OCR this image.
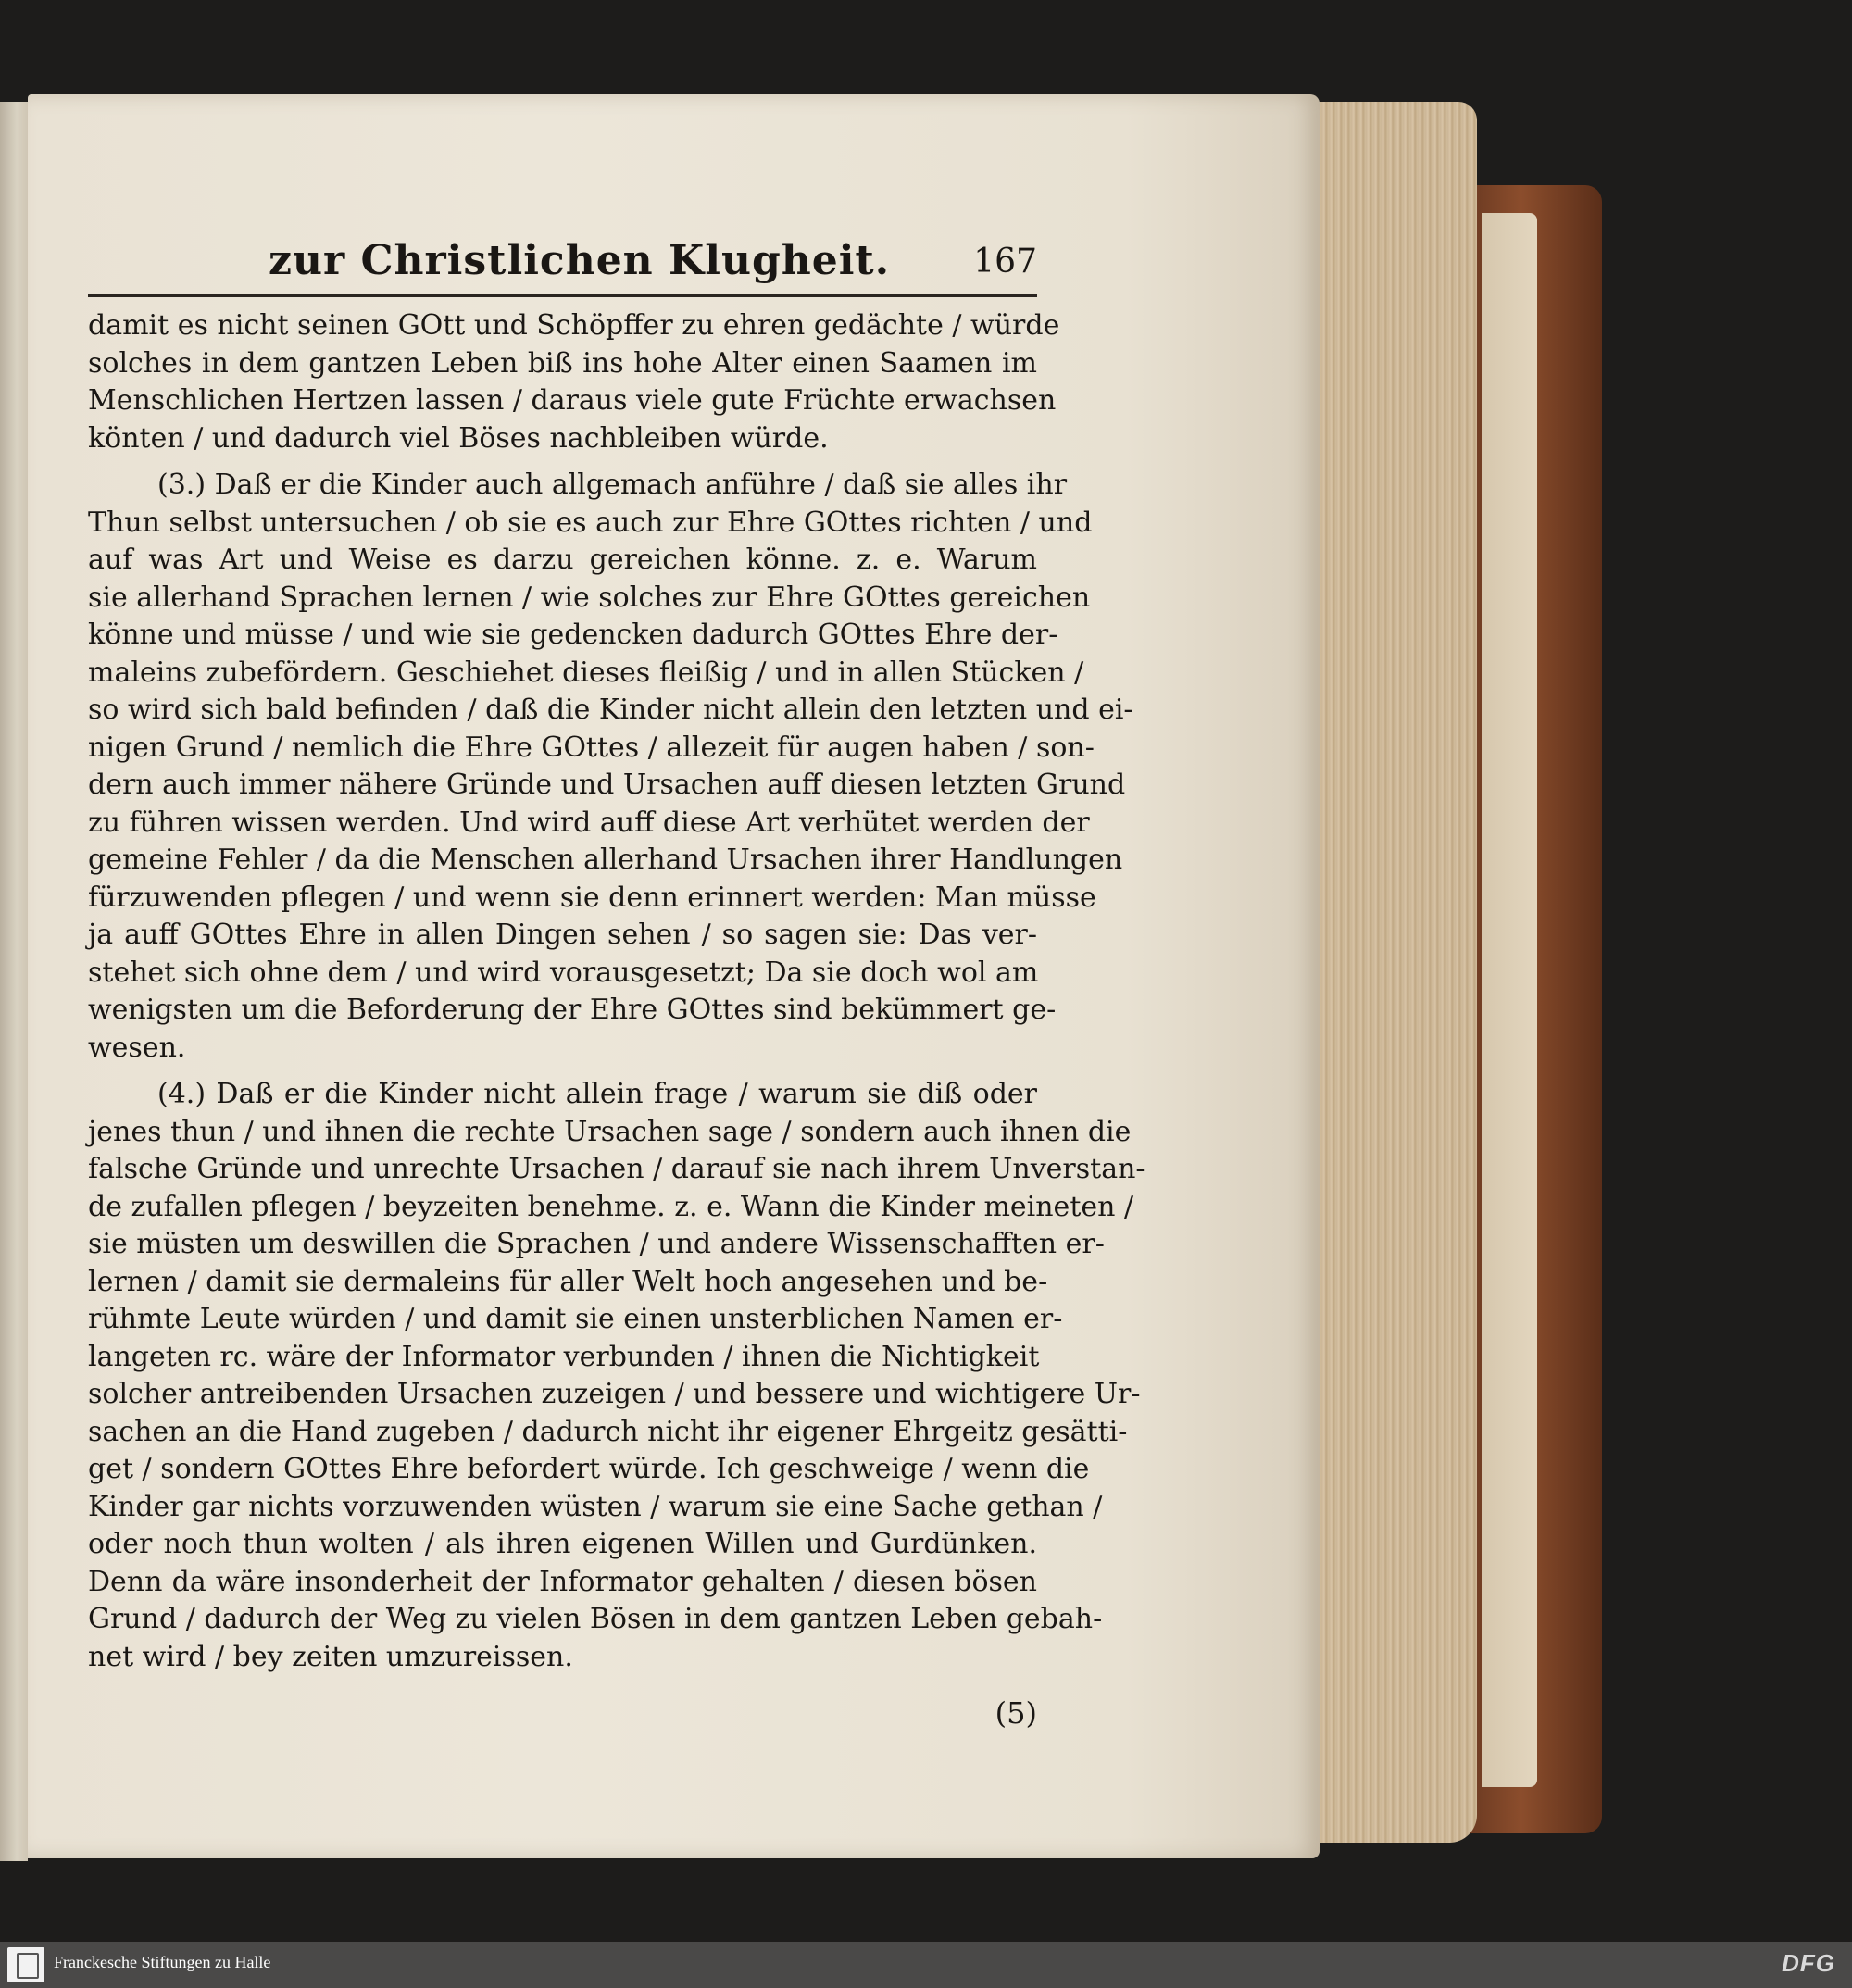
zur Christlichen Klugheit.	167
damit es nicht seinen GOtt und Schöpffer zu ehren gedächte / würde
solches in dem gantzen Leben biß ins hohe Alter einen Saamen im
Menschlichen Hertzen lassen / daraus viele gute Früchte erwachsen
könten / und dadurch viel Böses nachbleiben würde.
(3.) Daß er die Kinder auch allgemach anführe / daß sie alles ihr
Thun selbst untersuchen / ob sie es auch zur Ehre GOttes richten / und
auf was Art und Weise es darzu gereichen könne. z. e. Warum
sie allerhand Sprachen lernen / wie solches zur Ehre GOttes gereichen
könne und müsse / und wie sie gedencken dadurch GOttes Ehre der-
maleins zubefördern. Geschiehet dieses fleißig / und in allen Stücken /
so wird sich bald befinden / daß die Kinder nicht allein den letzten und ei-
nigen Grund / nemlich die Ehre GOttes / allezeit für augen haben / son-
dern auch immer nähere Gründe und Ursachen auff diesen letzten Grund
zu führen wissen werden. Und wird auff diese Art verhütet werden der
gemeine Fehler / da die Menschen allerhand Ursachen ihrer Handlungen
fürzuwenden pflegen / und wenn sie denn erinnert werden: Man müsse
ja auff GOttes Ehre in allen Dingen sehen / so sagen sie: Das ver-
stehet sich ohne dem / und wird vorausgesetzt; Da sie doch wol am
wenigsten um die Beforderung der Ehre GOttes sind bekümmert ge-
wesen.
(4.) Daß er die Kinder nicht allein frage / warum sie diß oder
jenes thun / und ihnen die rechte Ursachen sage / sondern auch ihnen die
falsche Gründe und unrechte Ursachen / darauf sie nach ihrem Unverstan-
de zufallen pflegen / beyzeiten benehme. z. e. Wann die Kinder meineten /
sie müsten um deswillen die Sprachen / und andere Wissenschafften er-
lernen / damit sie dermaleins für aller Welt hoch angesehen und be-
rühmte Leute würden / und damit sie einen unsterblichen Namen er-
langeten rc. wäre der Informator verbunden / ihnen die Nichtigkeit
solcher antreibenden Ursachen zuzeigen / und bessere und wichtigere Ur-
sachen an die Hand zugeben / dadurch nicht ihr eigener Ehrgeitz gesätti-
get / sondern GOttes Ehre befordert würde. Ich geschweige / wenn die
Kinder gar nichts vorzuwenden wüsten / warum sie eine Sache gethan /
oder noch thun wolten / als ihren eigenen Willen und Gurdünken.
Denn da wäre insonderheit der Informator gehalten / diesen bösen
Grund / dadurch der Weg zu vielen Bösen in dem gantzen Leben gebah-
net wird / bey zeiten umzureissen.
(5)
Franckesche Stiftungen zu Halle	DFG
